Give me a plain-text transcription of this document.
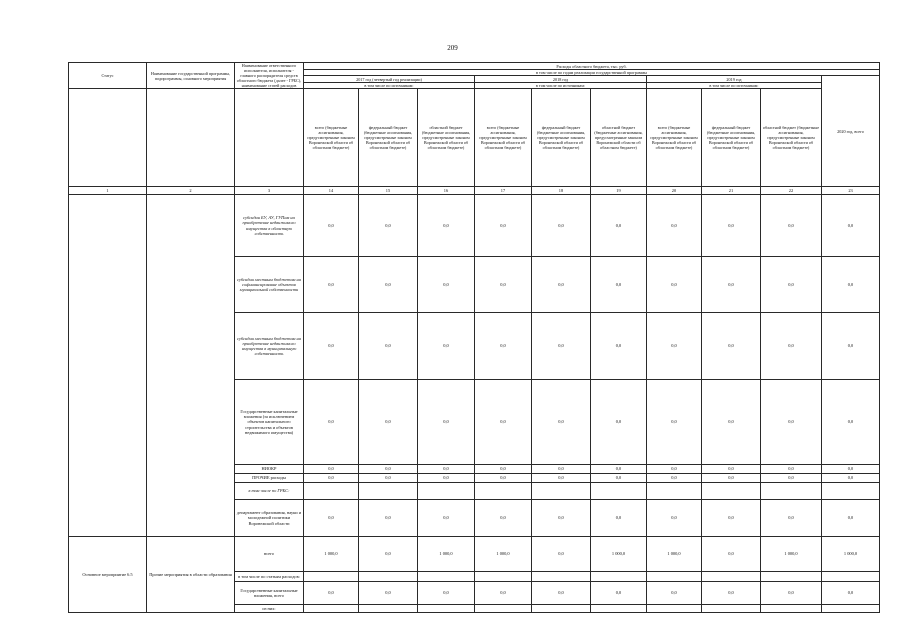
209
Статус	Наименование государственной программы, подпрограммы, основного мероприятия	Наименование ответственного исполнителя, исполнителя - главного распорядителя средств областного бюджета (далее - ГРБС), наименование статей расходов	Расходы областного бюджета, тыс. руб.									
			в том числе по годам реализации государственной программы									
			2017 год (четвертый год реализации)			2018 год			2019 год			2020 год, всего
			в том числе по источникам:			в том числе по источникам:			в том числе по источникам:			
			всего (бюджетные ассигнования, предусмотренные законом Воронежской области об областном бюджете)	федеральный бюджет (бюджетные ассигнования, предусмотренные законом Воронежской области об областном бюджете)	областной бюджет (бюджетные ассигнования, предусмотренные законом Воронежской области об областном бюджете)	всего (бюджетные ассигнования, предусмотренные законом Воронежской области об областном бюджете)	федеральный бюджет (бюджетные ассигнования, предусмотренные законом Воронежской области об областном бюджете)	областной бюджет (бюджетные ассигнования, предусмотренные законом Воронежской области об областном бюджете)	всего (бюджетные ассигнования, предусмотренные законом Воронежской области об областном бюджете)	федеральный бюджет (бюджетные ассигнования, предусмотренные законом Воронежской области об областном бюджете)	областной бюджет (бюджетные ассигнования, предусмотренные законом Воронежской области об областном бюджете)	
1	2	3	14	15	16	17	18	19	20	21	22	23
		субсидии БУ, АУ, ГУПам на приобретение недвижимого имущества в областную собственность	0,0	0,0	0,0	0,0	0,0	0,0	0,0	0,0	0,0	0,0
		субсидии местным бюджетам на софинансирование объектов муниципальной собственности	0,0	0,0	0,0	0,0	0,0	0,0	0,0	0,0	0,0	0,0
		субсидии местным бюджетам на приобретение недвижимого имущества в муниципальную собственность	0,0	0,0	0,0	0,0	0,0	0,0	0,0	0,0	0,0	0,0
		Государственные капитальные вложения (за исключением объектов капитального строительства и объектов недвижимого имущества)	0,0	0,0	0,0	0,0	0,0	0,0	0,0	0,0	0,0	0,0
		НИОКР	0,0	0,0	0,0	0,0	0,0	0,0	0,0	0,0	0,0	0,0
		ПРОЧИЕ расходы	0,0	0,0	0,0	0,0	0,0	0,0	0,0	0,0	0,0	0,0
		в том числе по ГРБС:										
		департамент образования, науки и молодежной политики Воронежской области	0,0	0,0	0,0	0,0	0,0	0,0	0,0	0,0	0,0	0,0
Основное мероприятие 6.5	Прочие мероприятия в области образования	всего	1 000,0	0,0	1 000,0	1 000,0	0,0	1 000,0	1 000,0	0,0	1 000,0	1 000,0
		в том числе по статьям расходов:										
		Государственные капитальные вложения, всего	0,0	0,0	0,0	0,0	0,0	0,0	0,0	0,0	0,0	0,0
		из них:										
